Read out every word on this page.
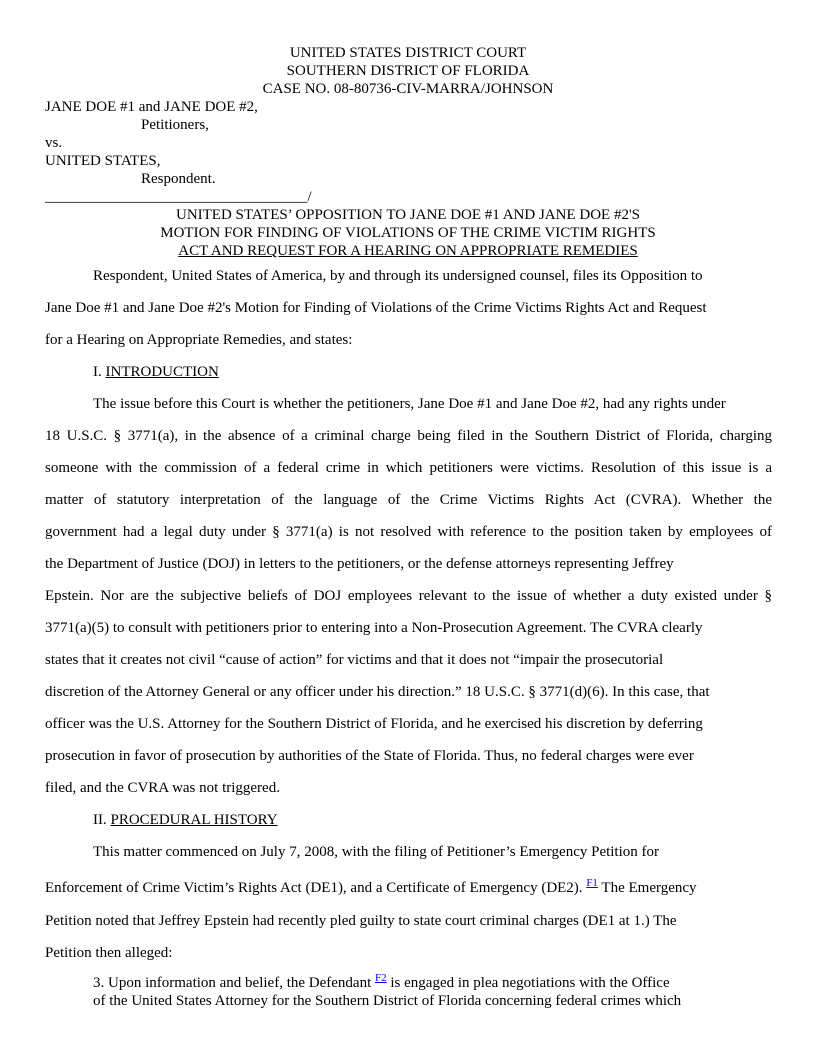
UNITED STATES DISTRICT COURT
SOUTHERN DISTRICT OF FLORIDA
CASE NO. 08-80736-CIV-MARRA/JOHNSON
JANE DOE #1 and JANE DOE #2,
Petitioners,
vs.
UNITED STATES,
Respondent.
___________________________________/
UNITED STATES’ OPPOSITION TO JANE DOE #1 AND JANE DOE #2'S
MOTION FOR FINDING OF VIOLATIONS OF THE CRIME VICTIM RIGHTS
ACT AND REQUEST FOR A HEARING ON APPROPRIATE REMEDIES
Respondent, United States of America, by and through its undersigned counsel, files its Opposition to
Jane Doe #1 and Jane Doe #2's Motion for Finding of Violations of the Crime Victims Rights Act and Request
for a Hearing on Appropriate Remedies, and states:
I. INTRODUCTION
The issue before this Court is whether the petitioners, Jane Doe #1 and Jane Doe #2, had any rights under
18 U.S.C. § 3771(a), in the absence of a criminal charge being filed in the Southern District of Florida, charging
someone with the commission of a federal crime in which petitioners were victims. Resolution of this issue is a
matter of statutory interpretation of the language of the Crime Victims Rights Act (CVRA). Whether the
government had a legal duty under § 3771(a) is not resolved with reference to the position taken by employees of
the Department of Justice (DOJ) in letters to the petitioners, or the defense attorneys representing Jeffrey
Epstein. Nor are the subjective beliefs of DOJ employees relevant to the issue of whether a duty existed under §
3771(a)(5) to consult with petitioners prior to entering into a Non-Prosecution Agreement. The CVRA clearly
states that it creates not civil “cause of action” for victims and that it does not “impair the prosecutorial
discretion of the Attorney General or any officer under his direction.” 18 U.S.C. § 3771(d)(6). In this case, that
officer was the U.S. Attorney for the Southern District of Florida, and he exercised his discretion by deferring
prosecution in favor of prosecution by authorities of the State of Florida. Thus, no federal charges were ever
filed, and the CVRA was not triggered.
II. PROCEDURAL HISTORY
This matter commenced on July 7, 2008, with the filing of Petitioner’s Emergency Petition for
Enforcement of Crime Victim’s Rights Act (DE1), and a Certificate of Emergency (DE2). $^{F1}$ The Emergency
Petition noted that Jeffrey Epstein had recently pled guilty to state court criminal charges (DE1 at 1.) The
Petition then alleged:
3. Upon information and belief, the Defendant $^{F2}$ is engaged in plea negotiations with the Office
of the United States Attorney for the Southern District of Florida concerning federal crimes which
